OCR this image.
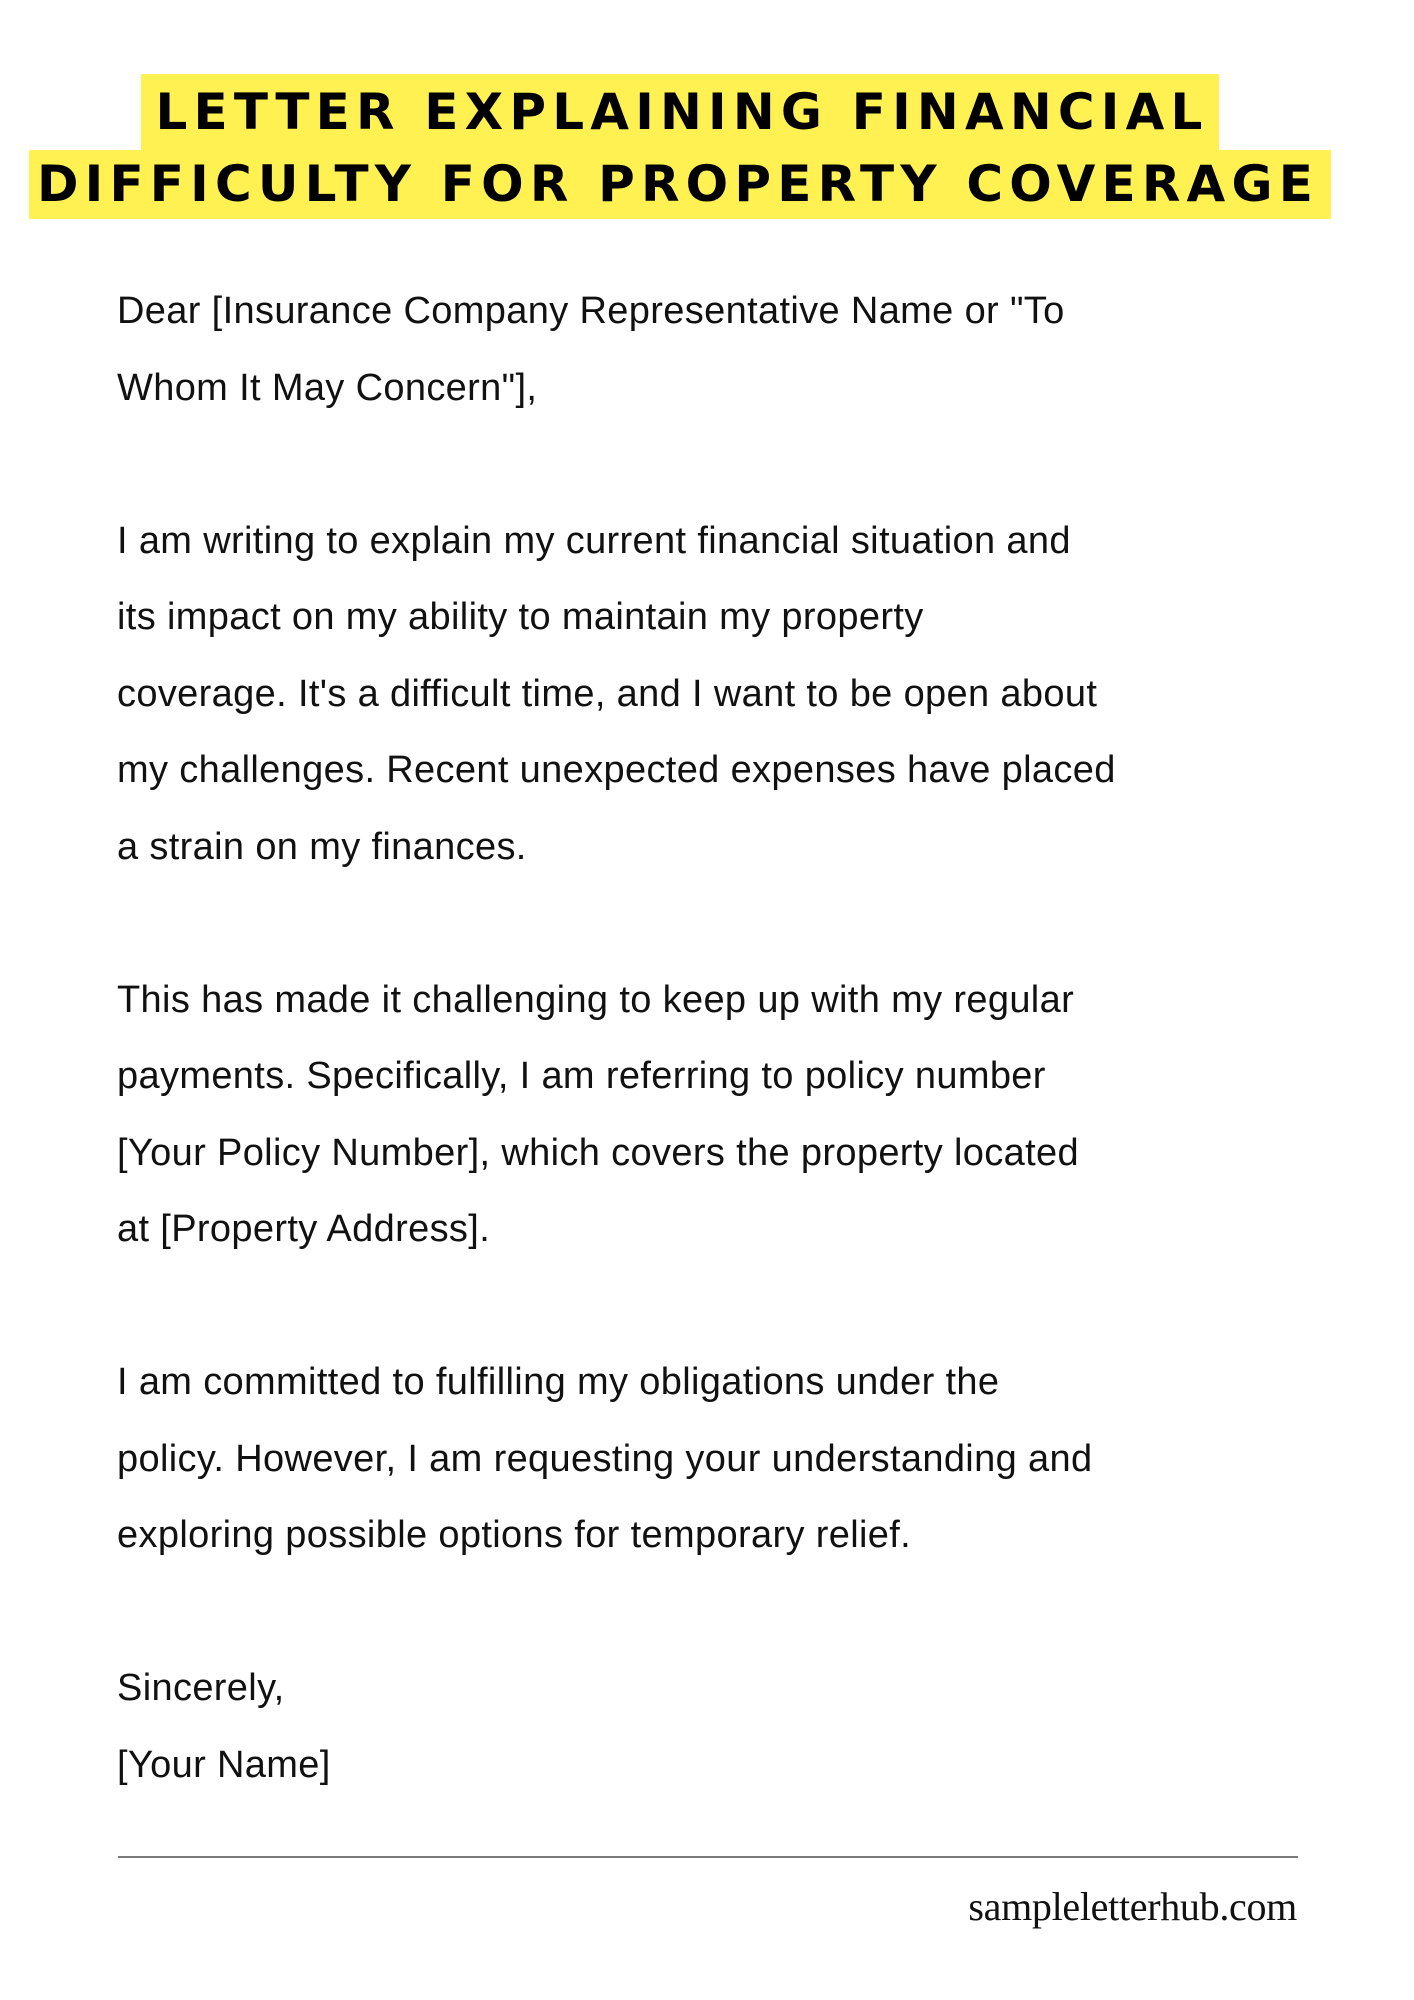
LETTER EXPLAINING FINANCIAL
DIFFICULTY FOR PROPERTY COVERAGE
Dear [Insurance Company Representative Name or "To
Whom It May Concern"],
I am writing to explain my current financial situation and
its impact on my ability to maintain my property
coverage. It's a difficult time, and I want to be open about
my challenges. Recent unexpected expenses have placed
a strain on my finances.
This has made it challenging to keep up with my regular
payments. Specifically, I am referring to policy number
[Your Policy Number], which covers the property located
at [Property Address].
I am committed to fulfilling my obligations under the
policy. However, I am requesting your understanding and
exploring possible options for temporary relief.
Sincerely,
[Your Name]
sampleletterhub.com
